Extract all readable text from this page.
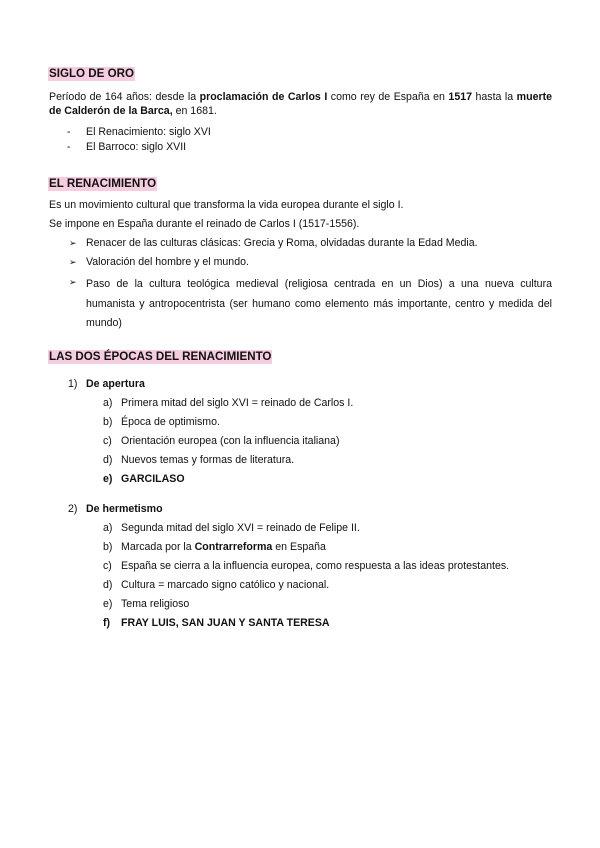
SIGLO DE ORO
Período de 164 años: desde la proclamación de Carlos I como rey de España en 1517 hasta la muerte de Calderón de la Barca, en 1681.
- El Renacimiento: siglo XVI
- El Barroco: siglo XVII
EL RENACIMIENTO
Es un movimiento cultural que transforma la vida europea durante el siglo I.
Se impone en España durante el reinado de Carlos I (1517-1556).
➢ Renacer de las culturas clásicas: Grecia y Roma, olvidadas durante la Edad Media.
➢ Valoración del hombre y el mundo.
➢ Paso de la cultura teológica medieval (religiosa centrada en un Dios) a una nueva cultura humanista y antropocentrista (ser humano como elemento más importante, centro y medida del mundo)
LAS DOS ÉPOCAS DEL RENACIMIENTO
1) De apertura
a) Primera mitad del siglo XVI = reinado de Carlos I.
b) Época de optimismo.
c) Orientación europea (con la influencia italiana)
d) Nuevos temas y formas de literatura.
e) GARCILASO
2) De hermetismo
a) Segunda mitad del siglo XVI = reinado de Felipe II.
b) Marcada por la Contrarreforma en España
c) España se cierra a la influencia europea, como respuesta a las ideas protestantes.
d) Cultura = marcado signo católico y nacional.
e) Tema religioso
f) FRAY LUIS, SAN JUAN Y SANTA TERESA
